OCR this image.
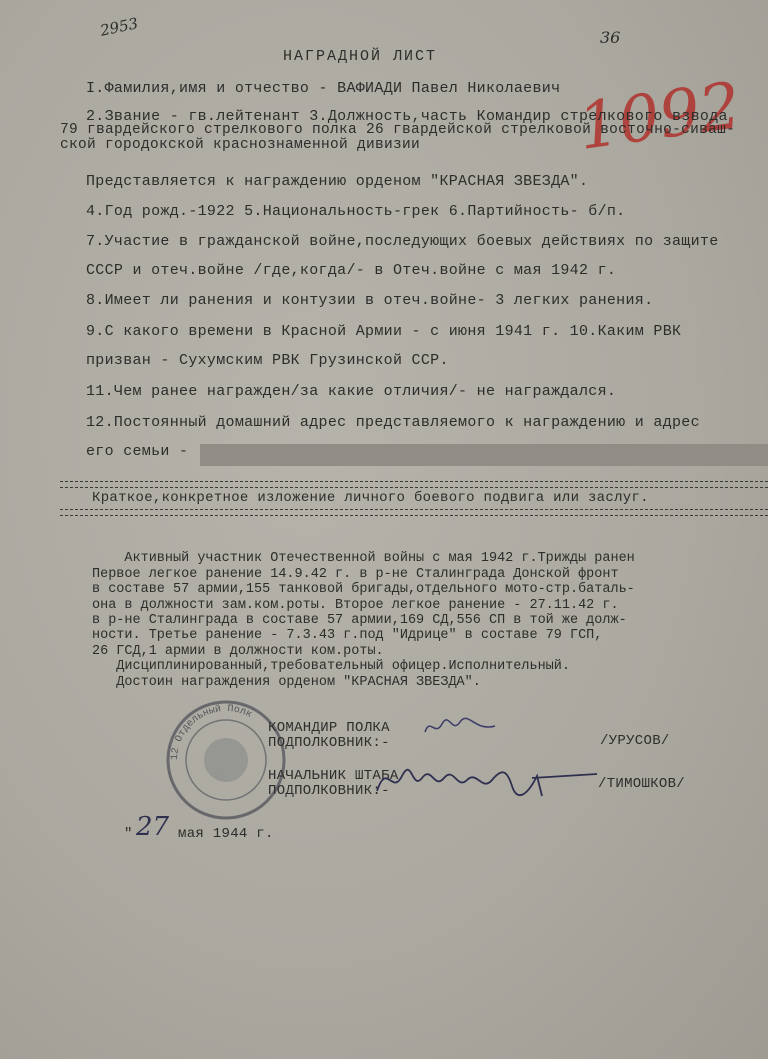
2953	36
1092
НАГРАДНОЙ ЛИСТ
I.Фамилия,имя и отчество - ВАФИАДИ Павел Николаевич
2.Звание - гв.лейтенант 3.Должность,часть Командир стрелкового взвода
79 гвардейского стрелкового полка 26 гвардейской стрелковой восточно-сиваш-
ской городокской краснознаменной дивизии
Представляется к награждению орденом "КРАСНАЯ ЗВЕЗДА".
4.Год рожд.-1922 5.Национальность-грек 6.Партийность- б/п.
7.Участие в гражданской войне,последующих боевых действиях по защите
СССР и отеч.войне /где,когда/- в Отеч.войне с мая 1942 г.
8.Имеет ли ранения и контузии в отеч.войне- 3 легких ранения.
9.С какого времени в Красной Армии - с июня 1941 г. 10.Каким РВК
призван - Сухумским РВК Грузинской ССР.
11.Чем ранее награжден/за какие отличия/- не награждался.
12.Постоянный домашний адрес представляемого к награждению и адрес
его семьи -
Краткое,конкретное изложение личного боевого подвига или заслуг.

Активный участник Отечественной войны с мая 1942 г.Трижды ранен
Первое легкое ранение 14.9.42 г. в р-не Сталинграда Донской фронт
в составе 57 армии,155 танковой бригады,отдельного мото-стр.баталь-
она в должности зам.ком.роты. Второе легкое ранение - 27.11.42 г.
в р-не Сталинграда в составе 57 армии,169 СД,556 СП в той же долж-
ности. Третье ранение - 7.3.43 г.под "Идрице" в составе 79 ГСП,
26 ГСД,1 армии в должности ком.роты.
Дисциплинированный,требовательный офицер.Исполнительный.
Достоин награждения орденом "КРАСНАЯ ЗВЕЗДА".

12 Отдельный Полк
КОМАНДИР ПОЛКА
ПОДПОЛКОВНИК:-	/УРУСОВ/
НАЧАЛЬНИК ШТАБА
ПОДПОЛКОВНИК:-	/ТИМОШКОВ/
" 27 мая 1944 г.
